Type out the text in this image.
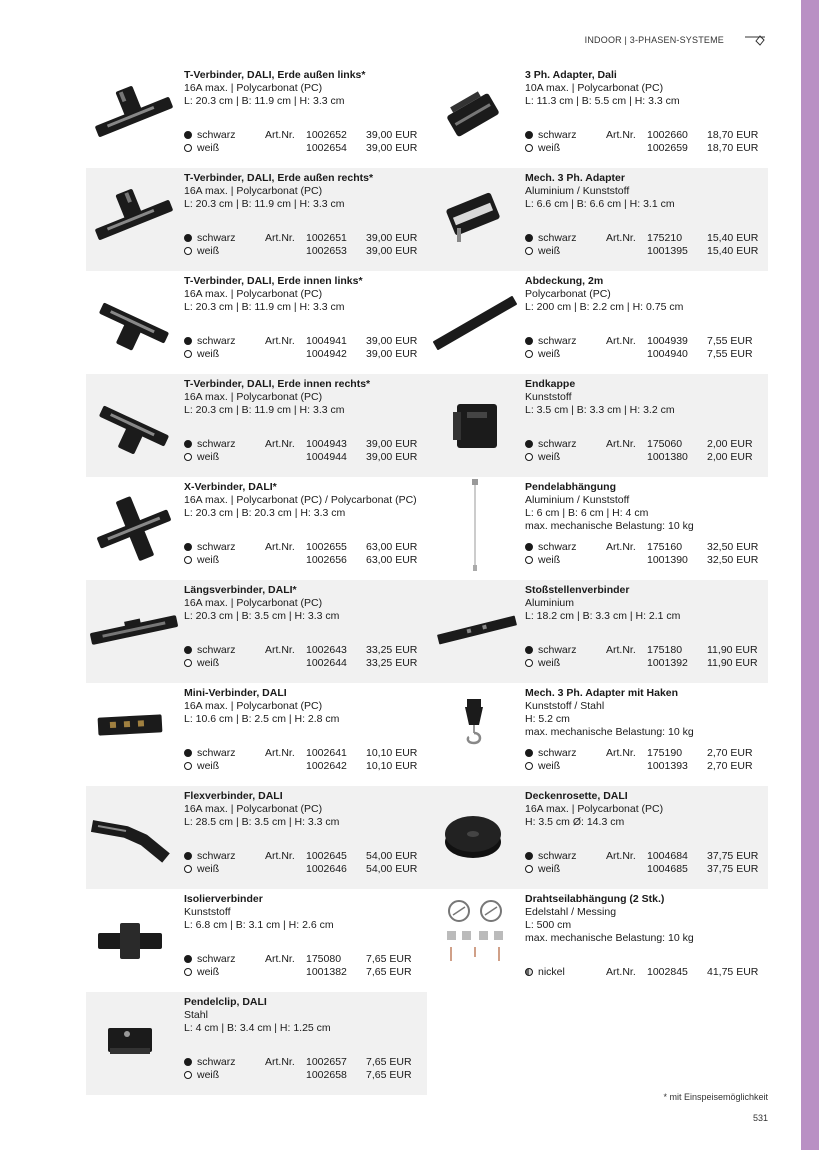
INDOOR | 3-PHASEN-SYSTEME
T-Verbinder, DALI, Erde außen links*
16A max. | Polycarbonat (PC)
L: 20.3 cm | B: 11.9 cm | H: 3.3 cm
schwarz	Art.Nr. 1002652 39,00 EUR
weiß	1002654 39,00 EUR
T-Verbinder, DALI, Erde außen rechts*
16A max. | Polycarbonat (PC)
L: 20.3 cm | B: 11.9 cm | H: 3.3 cm
schwarz	Art.Nr. 1002651 39,00 EUR
weiß	1002653 39,00 EUR
T-Verbinder, DALI, Erde innen links*
16A max. | Polycarbonat (PC)
L: 20.3 cm | B: 11.9 cm | H: 3.3 cm
schwarz	Art.Nr. 1004941 39,00 EUR
weiß	1004942 39,00 EUR
T-Verbinder, DALI, Erde innen rechts*
16A max. | Polycarbonat (PC)
L: 20.3 cm | B: 11.9 cm | H: 3.3 cm
schwarz	Art.Nr. 1004943 39,00 EUR
weiß	1004944 39,00 EUR
X-Verbinder, DALI*
16A max. | Polycarbonat (PC) / Polycarbonat (PC)
L: 20.3 cm | B: 20.3 cm | H: 3.3 cm
schwarz	Art.Nr. 1002655 63,00 EUR
weiß	1002656 63,00 EUR
Längsverbinder, DALI*
16A max. | Polycarbonat (PC)
L: 20.3 cm | B: 3.5 cm | H: 3.3 cm
schwarz	Art.Nr. 1002643 33,25 EUR
weiß	1002644 33,25 EUR
Mini-Verbinder, DALI
16A max. | Polycarbonat (PC)
L: 10.6 cm | B: 2.5 cm | H: 2.8 cm
schwarz	Art.Nr. 1002641 10,10 EUR
weiß	1002642 10,10 EUR
Flexverbinder, DALI
16A max. | Polycarbonat (PC)
L: 28.5 cm | B: 3.5 cm | H: 3.3 cm
schwarz	Art.Nr. 1002645 54,00 EUR
weiß	1002646 54,00 EUR
Isolierverbinder
Kunststoff
L: 6.8 cm | B: 3.1 cm | H: 2.6 cm
schwarz	Art.Nr. 175080 7,65 EUR
weiß	1001382 7,65 EUR
Pendelclip, DALI
Stahl
L: 4 cm | B: 3.4 cm | H: 1.25 cm
schwarz	Art.Nr. 1002657 7,65 EUR
weiß	1002658 7,65 EUR
3 Ph. Adapter, Dali
10A max. | Polycarbonat (PC)
L: 11.3 cm | B: 5.5 cm | H: 3.3 cm
schwarz	Art.Nr. 1002660 18,70 EUR
weiß	1002659 18,70 EUR
Mech. 3 Ph. Adapter
Aluminium / Kunststoff
L: 6.6 cm | B: 6.6 cm | H: 3.1 cm
schwarz	Art.Nr. 175210 15,40 EUR
weiß	1001395 15,40 EUR
Abdeckung, 2m
Polycarbonat (PC)
L: 200 cm | B: 2.2 cm | H: 0.75 cm
schwarz	Art.Nr. 1004939 7,55 EUR
weiß	1004940 7,55 EUR
Endkappe
Kunststoff
L: 3.5 cm | B: 3.3 cm | H: 3.2 cm
schwarz	Art.Nr. 175060 2,00 EUR
weiß	1001380 2,00 EUR
Pendelabhängung
Aluminium / Kunststoff
L: 6 cm | B: 6 cm | H: 4 cm
max. mechanische Belastung: 10 kg
schwarz	Art.Nr. 175160 32,50 EUR
weiß	1001390 32,50 EUR
Stoßstellenverbinder
Aluminium
L: 18.2 cm | B: 3.3 cm | H: 2.1 cm
schwarz	Art.Nr. 175180 11,90 EUR
weiß	1001392 11,90 EUR
Mech. 3 Ph. Adapter mit Haken
Kunststoff / Stahl
H: 5.2 cm
max. mechanische Belastung: 10 kg
schwarz	Art.Nr. 175190 2,70 EUR
weiß	1001393 2,70 EUR
Deckenrosette, DALI
16A max. | Polycarbonat (PC)
H: 3.5 cm Ø: 14.3 cm
schwarz	Art.Nr. 1004684 37,75 EUR
weiß	1004685 37,75 EUR
Drahtseilabhängung (2 Stk.)
Edelstahl / Messing
L: 500 cm
max. mechanische Belastung: 10 kg
nickel	Art.Nr. 1002845 41,75 EUR
* mit Einspeisemöglichkeit
531
